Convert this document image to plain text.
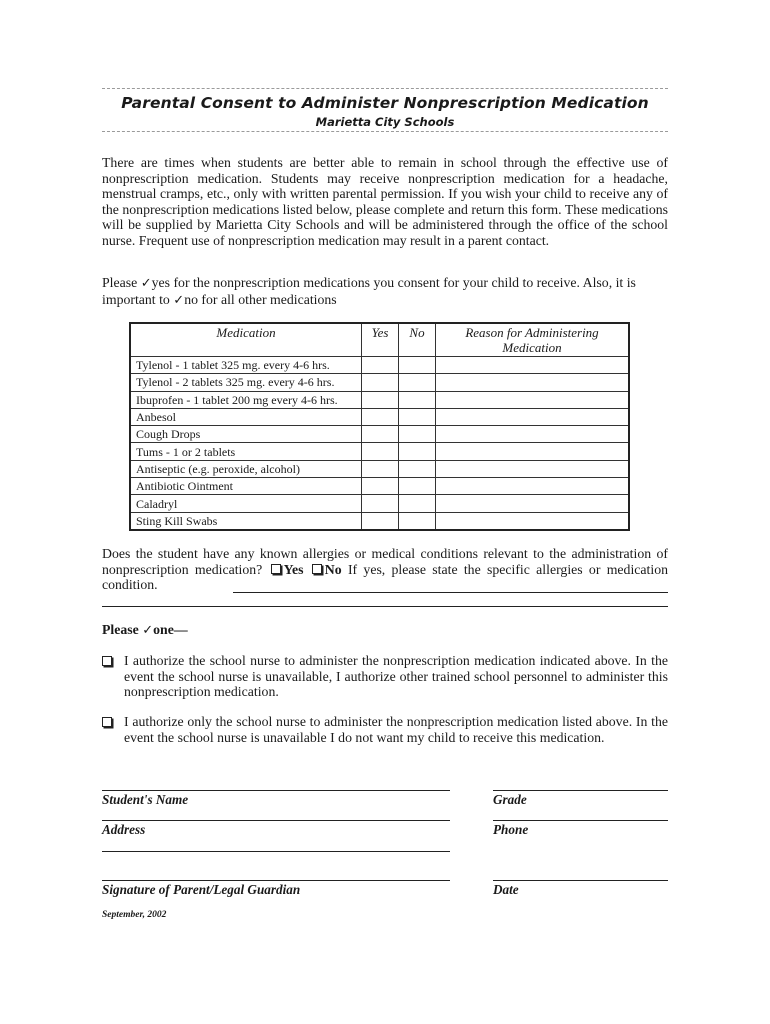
Parental Consent to Administer Nonprescription Medication
Marietta City Schools

There are times when students are better able to remain in school through the effective use of nonprescription medication. Students may receive nonprescription medication for a headache, menstrual cramps, etc., only with written parental permission. If you wish your child to receive any of the nonprescription medications listed below, please complete and return this form. These medications will be supplied by Marietta City Schools and will be administered through the office of the school nurse. Frequent use of nonprescription medication may result in a parent contact.

Please ✓yes for the nonprescription medications you consent for your child to receive. Also, it is important to ✓no for all other medications
Medication	Yes	No	Reason for Administering Medication
Tylenol - 1 tablet 325 mg. every 4-6 hrs.			
Tylenol - 2 tablets 325 mg. every 4-6 hrs.			
Ibuprofen - 1 tablet 200 mg every 4-6 hrs.			
Anbesol			
Cough Drops			
Tums - 1 or 2 tablets			
Antiseptic (e.g. peroxide, alcohol)			
Antibiotic Ointment			
Caladryl			
Sting Kill Swabs			
Does the student have any known allergies or medical conditions relevant to the administration of nonprescription medication? Yes No If yes, please state the specific allergies or medication condition.
Please ✓one—
I authorize the school nurse to administer the nonprescription medication indicated above. In the event the school nurse is unavailable, I authorize other trained school personnel to administer this nonprescription medication.
I authorize only the school nurse to administer the nonprescription medication listed above. In the event the school nurse is unavailable I do not want my child to receive this medication.
Student's Name	Grade
Address	Phone
Signature of Parent/Legal Guardian	Date
September, 2002
